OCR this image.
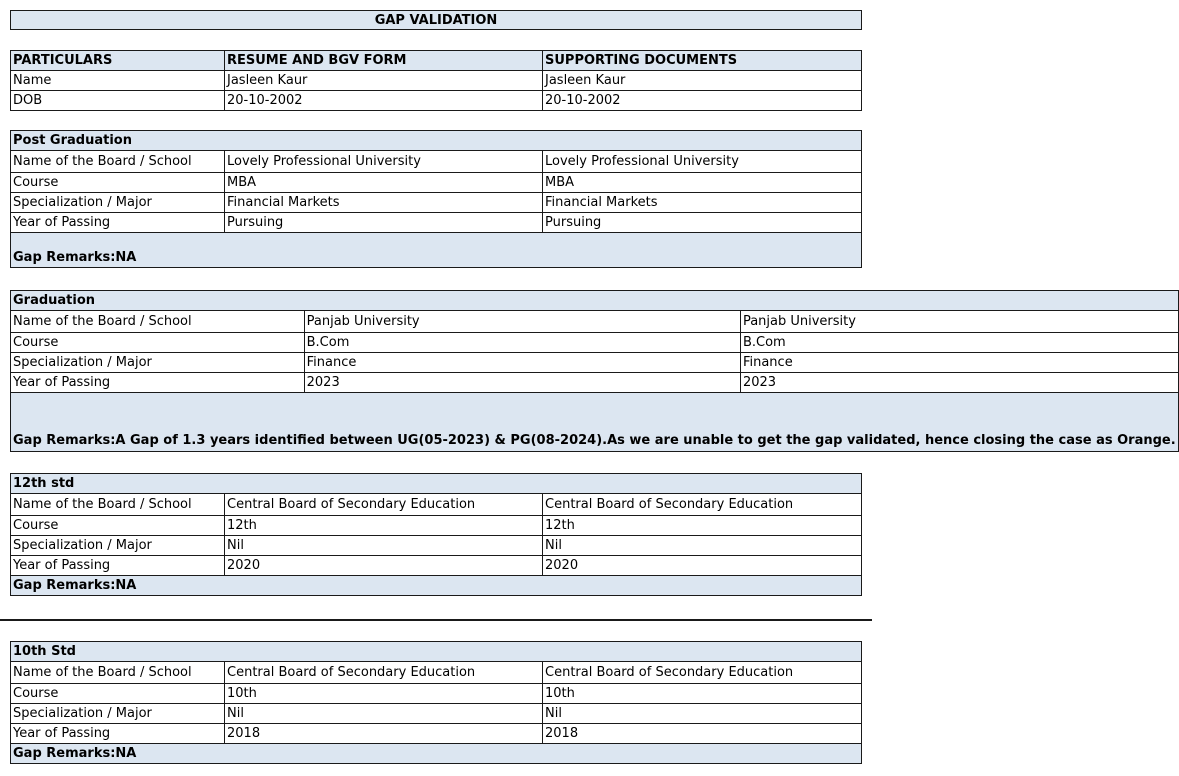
GAP VALIDATION
PARTICULARS	RESUME AND BGV FORM	SUPPORTING DOCUMENTS
Name	Jasleen Kaur	Jasleen Kaur
DOB	20-10-2002	20-10-2002
Post Graduation		
Name of the Board / School	Lovely Professional University	Lovely Professional University
Course	MBA	MBA
Specialization / Major	Financial Markets	Financial Markets
Year of Passing	Pursuing	Pursuing
Gap Remarks:NA		
Graduation		
Name of the Board / School	Panjab University	Panjab University
Course	B.Com	B.Com
Specialization / Major	Finance	Finance
Year of Passing	2023	2023
Gap Remarks:A Gap of 1.3 years identified between UG(05-2023) & PG(08-2024).As we are unable to get the gap validated, hence closing the case as Orange.		
12th std		
Name of the Board / School	Central Board of Secondary Education	Central Board of Secondary Education
Course	12th	12th
Specialization / Major	Nil	Nil
Year of Passing	2020	2020
Gap Remarks:NA		
10th Std		
Name of the Board / School	Central Board of Secondary Education	Central Board of Secondary Education
Course	10th	10th
Specialization / Major	Nil	Nil
Year of Passing	2018	2018
Gap Remarks:NA		
